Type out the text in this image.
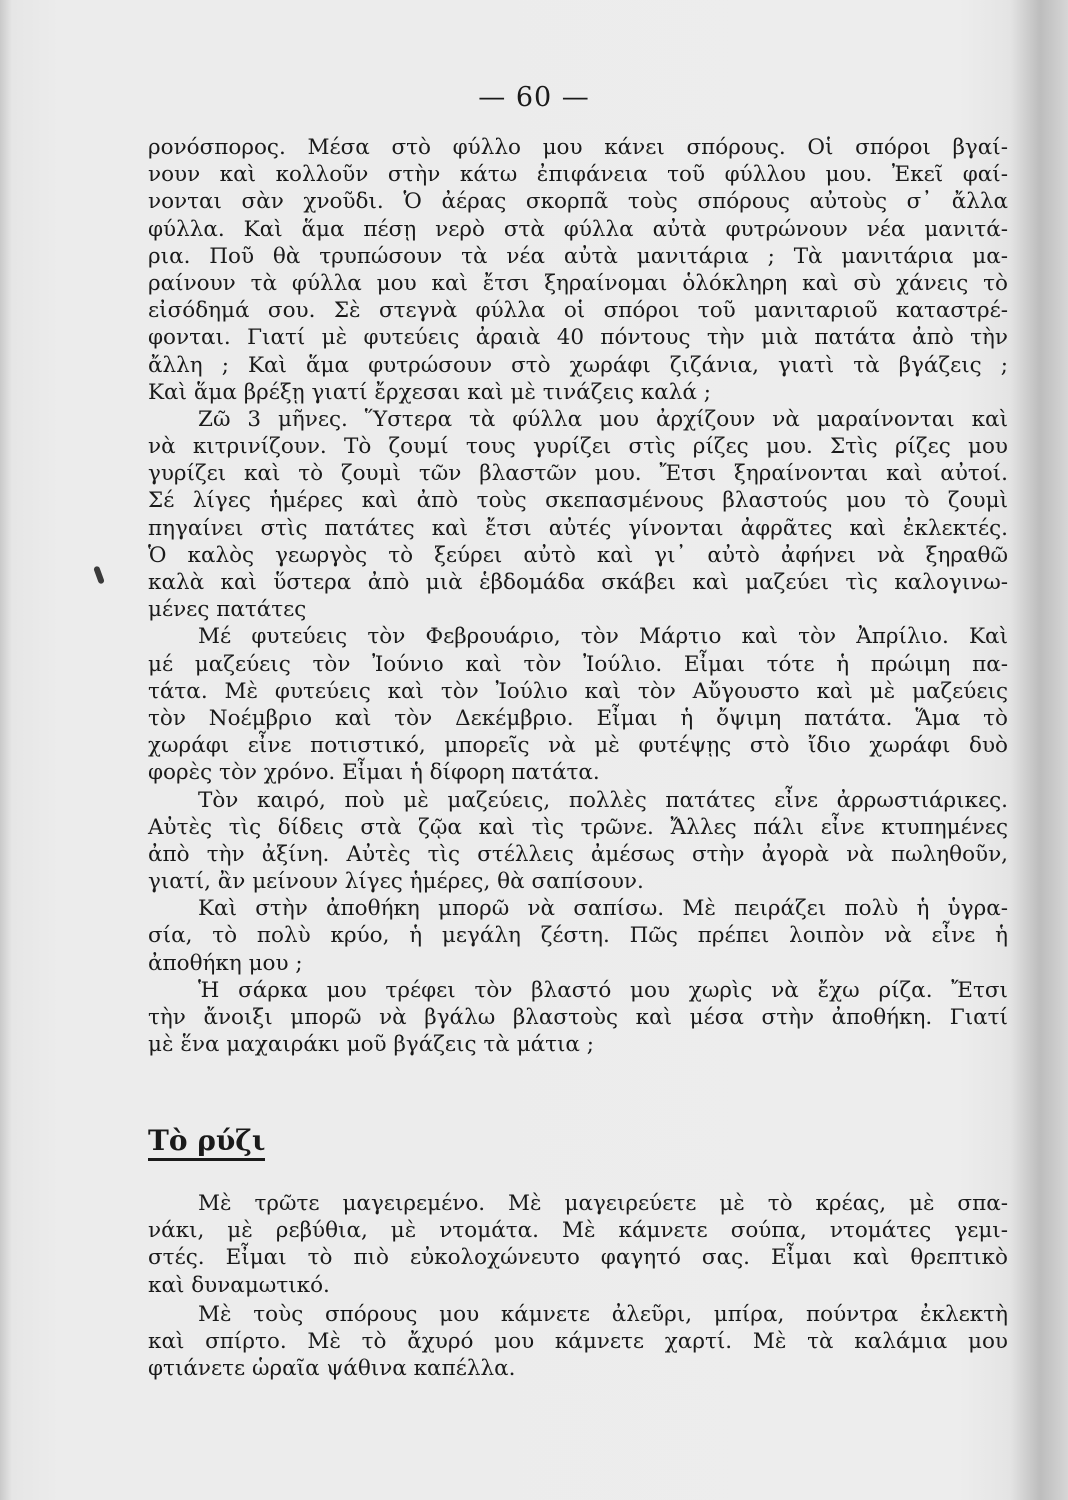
— 60 —
ρονόσπορος. Μέσα στὸ φύλλο μου κάνει σπόρους. Οἱ σπόροι βγαί-
νουν καὶ κολλοῦν στὴν κάτω ἐπιφάνεια τοῦ φύλλου μου. Ἐκεῖ φαί-
νονται σὰν χνοῦδι. Ὁ ἀέρας σκορπᾶ τοὺς σπόρους αὐτοὺς σ᾽ ἄλλα
φύλλα. Καὶ ἅμα πέσῃ νερὸ στὰ φύλλα αὐτὰ φυτρώνουν νέα μανιτά-
ρια. Ποῦ θὰ τρυπώσουν τὰ νέα αὐτὰ μανιτάρια ; Τὰ μανιτάρια μα-
ραίνουν τὰ φύλλα μου καὶ ἔτσι ξηραίνομαι ὁλόκληρη καὶ σὺ χάνεις τὸ
εἰσόδημά σου. Σὲ στεγνὰ φύλλα οἱ σπόροι τοῦ μανιταριοῦ καταστρέ-
φονται. Γιατί μὲ φυτεύεις ἀραιὰ 40 πόντους τὴν μιὰ πατάτα ἀπὸ τὴν
ἄλλη ; Καὶ ἅμα φυτρώσουν στὸ χωράφι ζιζάνια, γιατὶ τὰ βγάζεις ;
Καὶ ἅμα βρέξῃ γιατί ἔρχεσαι καὶ μὲ τινάζεις καλά ;
Ζῶ 3 μῆνες. Ὕστερα τὰ φύλλα μου ἀρχίζουν νὰ μαραίνονται καὶ
νὰ κιτρινίζουν. Τὸ ζουμί τους γυρίζει στὶς ρίζες μου. Στὶς ρίζες μου
γυρίζει καὶ τὸ ζουμὶ τῶν βλαστῶν μου. Ἔτσι ξηραίνονται καὶ αὐτοί.
Σέ λίγες ἡμέρες καὶ ἀπὸ τοὺς σκεπασμένους βλαστούς μου τὸ ζουμὶ
πηγαίνει στὶς πατάτες καὶ ἔτσι αὐτές γίνονται ἀφρᾶτες καὶ ἐκλεκτές.
Ὁ καλὸς γεωργὸς τὸ ξεύρει αὐτὸ καὶ γι᾽ αὐτὸ ἀφήνει νὰ ξηραθῶ
καλὰ καὶ ὕστερα ἀπὸ μιὰ ἑβδομάδα σκάβει καὶ μαζεύει τὶς καλογινω-
μένες πατάτες
Μέ φυτεύεις τὸν Φεβρουάριο, τὸν Μάρτιο καὶ τὸν Ἀπρίλιο. Καὶ
μέ μαζεύεις τὸν Ἰούνιο καὶ τὸν Ἰούλιο. Εἶμαι τότε ἡ πρώιμη πα-
τάτα. Μὲ φυτεύεις καὶ τὸν Ἰούλιο καὶ τὸν Αὔγουστο καὶ μὲ μαζεύεις
τὸν Νοέμβριο καὶ τὸν Δεκέμβριο. Εἶμαι ἡ ὄψιμη πατάτα. Ἅμα τὸ
χωράφι εἶνε ποτιστικό, μπορεῖς νὰ μὲ φυτέψῃς στὸ ἴδιο χωράφι δυὸ
φορὲς τὸν χρόνο. Εἶμαι ἡ δίφορη πατάτα.
Τὸν καιρό, ποὺ μὲ μαζεύεις, πολλὲς πατάτες εἶνε ἀρρωστιάρικες.
Αὐτὲς τὶς δίδεις στὰ ζῷα καὶ τὶς τρῶνε. Ἄλλες πάλι εἶνε κτυπημένες
ἀπὸ τὴν ἀξίνη. Αὐτὲς τὶς στέλλεις ἀμέσως στὴν ἀγορὰ νὰ πωληθοῦν,
γιατί, ἂν μείνουν λίγες ἡμέρες, θὰ σαπίσουν.
Καὶ στὴν ἀποθήκη μπορῶ νὰ σαπίσω. Μὲ πειράζει πολὺ ἡ ὑγρα-
σία, τὸ πολὺ κρύο, ἡ μεγάλη ζέστη. Πῶς πρέπει λοιπὸν νὰ εἶνε ἡ
ἀποθήκη μου ;
Ἡ σάρκα μου τρέφει τὸν βλαστό μου χωρὶς νὰ ἔχω ρίζα. Ἔτσι
τὴν ἄνοιξι μπορῶ νὰ βγάλω βλαστοὺς καὶ μέσα στὴν ἀποθήκη. Γιατί
μὲ ἕνα μαχαιράκι μοῦ βγάζεις τὰ μάτια ;
Τὸ ρύζι
Μὲ τρῶτε μαγειρεμένο. Μὲ μαγειρεύετε μὲ τὸ κρέας, μὲ σπα-
νάκι, μὲ ρεβύθια, μὲ ντομάτα. Μὲ κάμνετε σούπα, ντομάτες γεμι-
στές. Εἶμαι τὸ πιὸ εὐκολοχώνευτο φαγητό σας. Εἶμαι καὶ θρεπτικὸ
καὶ δυναμωτικό.
Μὲ τοὺς σπόρους μου κάμνετε ἀλεῦρι, μπίρα, πούντρα ἐκλεκτὴ
καὶ σπίρτο. Μὲ τὸ ἄχυρό μου κάμνετε χαρτί. Μὲ τὰ καλάμια μου
φτιάνετε ὡραῖα ψάθινα καπέλλα.
